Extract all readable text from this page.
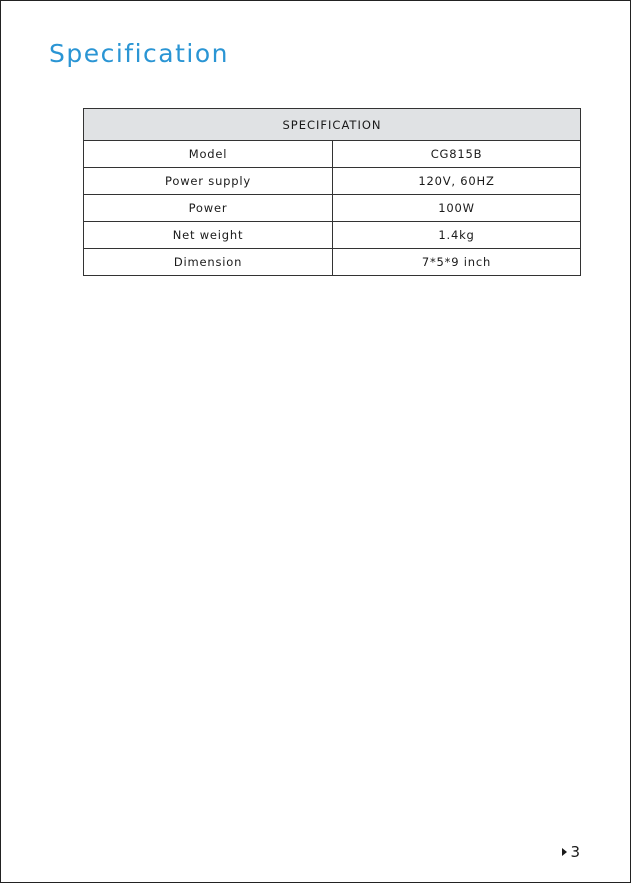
Specification
SPECIFICATION	
Model	CG815B
Power supply	120V, 60HZ
Power	100W
Net weight	1.4kg
Dimension	7*5*9 inch
3
